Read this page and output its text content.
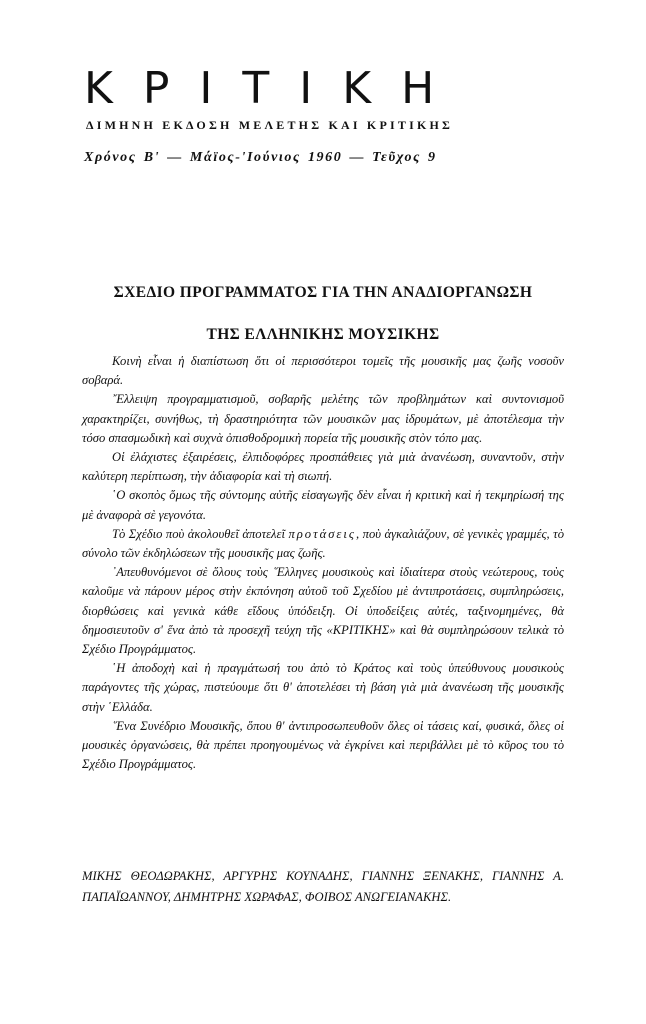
ΚΡΙΤΙΚΗ
ΔΙΜΗΝΗ ΕΚΔΟΣΗ ΜΕΛΕΤΗΣ ΚΑΙ ΚΡΙΤΙΚΗΣ
Χρόνος Β' — Μάϊος-'Ιούνιος 1960 — Τεῦχος 9
ΣΧΕΔΙΟ ΠΡΟΓΡΑΜΜΑΤΟΣ ΓΙΑ ΤΗΝ ΑΝΑΔΙΟΡΓΑΝΩΣΗ
ΤΗΣ ΕΛΛΗΝΙΚΗΣ ΜΟΥΣΙΚΗΣ

Κοινὴ εἶναι ἡ διαπίστωση ὅτι οἱ περισσότεροι τομεῖς τῆς μουσικῆς μας ζωῆς νοσοῦν σοβαρά.

῎Ελλειψη προγραμματισμοῦ, σοβαρῆς μελέτης τῶν προβλημάτων καὶ συντονισμοῦ χαρακτηρίζει, συνήθως, τὴ δραστηριότητα τῶν μουσικῶν μας ἱδρυμάτων, μὲ ἀποτέλεσμα τὴν τόσο σπασμωδικὴ καὶ συχνὰ ὀπισθοδρομικὴ πορεία τῆς μουσικῆς στὸν τόπο μας.

Οἱ ἐλάχιστες ἐξαιρέσεις, ἐλπιδοφόρες προσπάθειες γιὰ μιὰ ἀνανέωση, συναντοῦν, στὴν καλύτερη περίπτωση, τὴν ἀδιαφορία καὶ τὴ σιωπή.

῾Ο σκοπὸς ὅμως τῆς σύντομης αὐτῆς εἰσαγωγῆς δὲν εἶναι ἡ κριτικὴ καὶ ἡ τεκμηρίωσή της μὲ ἀναφορὰ σὲ γεγονότα.

Τὸ Σχέδιο ποὺ ἀκολουθεῖ ἀποτελεῖ προτάσεις, ποὺ ἀγκαλιάζουν, σὲ γενικὲς γραμμές, τὸ σύνολο τῶν ἐκδηλώσεων τῆς μουσικῆς μας ζωῆς.

᾿Απευθυνόμενοι σὲ ὅλους τοὺς ῞Ελληνες μουσικοὺς καὶ ἰδιαίτερα στοὺς νεώτερους, τοὺς καλοῦμε νὰ πάρουν μέρος στὴν ἐκπόνηση αὐτοῦ τοῦ Σχεδίου μὲ ἀντιπροτάσεις, συμπληρώσεις, διορθώσεις καὶ γενικὰ κάθε εἴδους ὑπόδειξη. Οἱ ὑποδείξεις αὐτές, ταξινομημένες, θὰ δημοσιευτοῦν σ' ἕνα ἀπὸ τὰ προσεχῆ τεύχη τῆς «ΚΡΙΤΙΚΗΣ» καὶ θὰ συμπληρώσουν τελικὰ τὸ Σχέδιο Προγράμματος.

῾Η ἀποδοχὴ καὶ ἡ πραγμάτωσή του ἀπὸ τὸ Κράτος καὶ τοὺς ὑπεύθυνους μουσικοὺς παράγοντες τῆς χώρας, πιστεύουμε ὅτι θ' ἀποτελέσει τὴ βάση γιὰ μιὰ ἀνανέωση τῆς μουσικῆς στὴν ῾Ελλάδα.

῞Ενα Συνέδριο Μουσικῆς, ὅπου θ' ἀντιπροσωπευθοῦν ὅλες οἱ τάσεις καί, φυσικά, ὅλες οἱ μουσικὲς ὀργανώσεις, θὰ πρέπει προηγουμένως νὰ ἐγκρίνει καὶ περιβάλλει μὲ τὸ κῦρος του τὸ Σχέδιο Προγράμματος.

ΜΙΚΗΣ ΘΕΟΔΩΡΑΚΗΣ, ΑΡΓΥΡΗΣ ΚΟΥΝΑΔΗΣ, ΓΙΑΝΝΗΣ ΞΕΝΑΚΗΣ, ΓΙΑΝΝΗΣ Α. ΠΑΠΑΪΩΑΝΝΟΥ, ΔΗΜΗΤΡΗΣ ΧΩΡΑΦΑΣ, ΦΟΙΒΟΣ ΑΝΩΓΕΙΑΝΑΚΗΣ.
